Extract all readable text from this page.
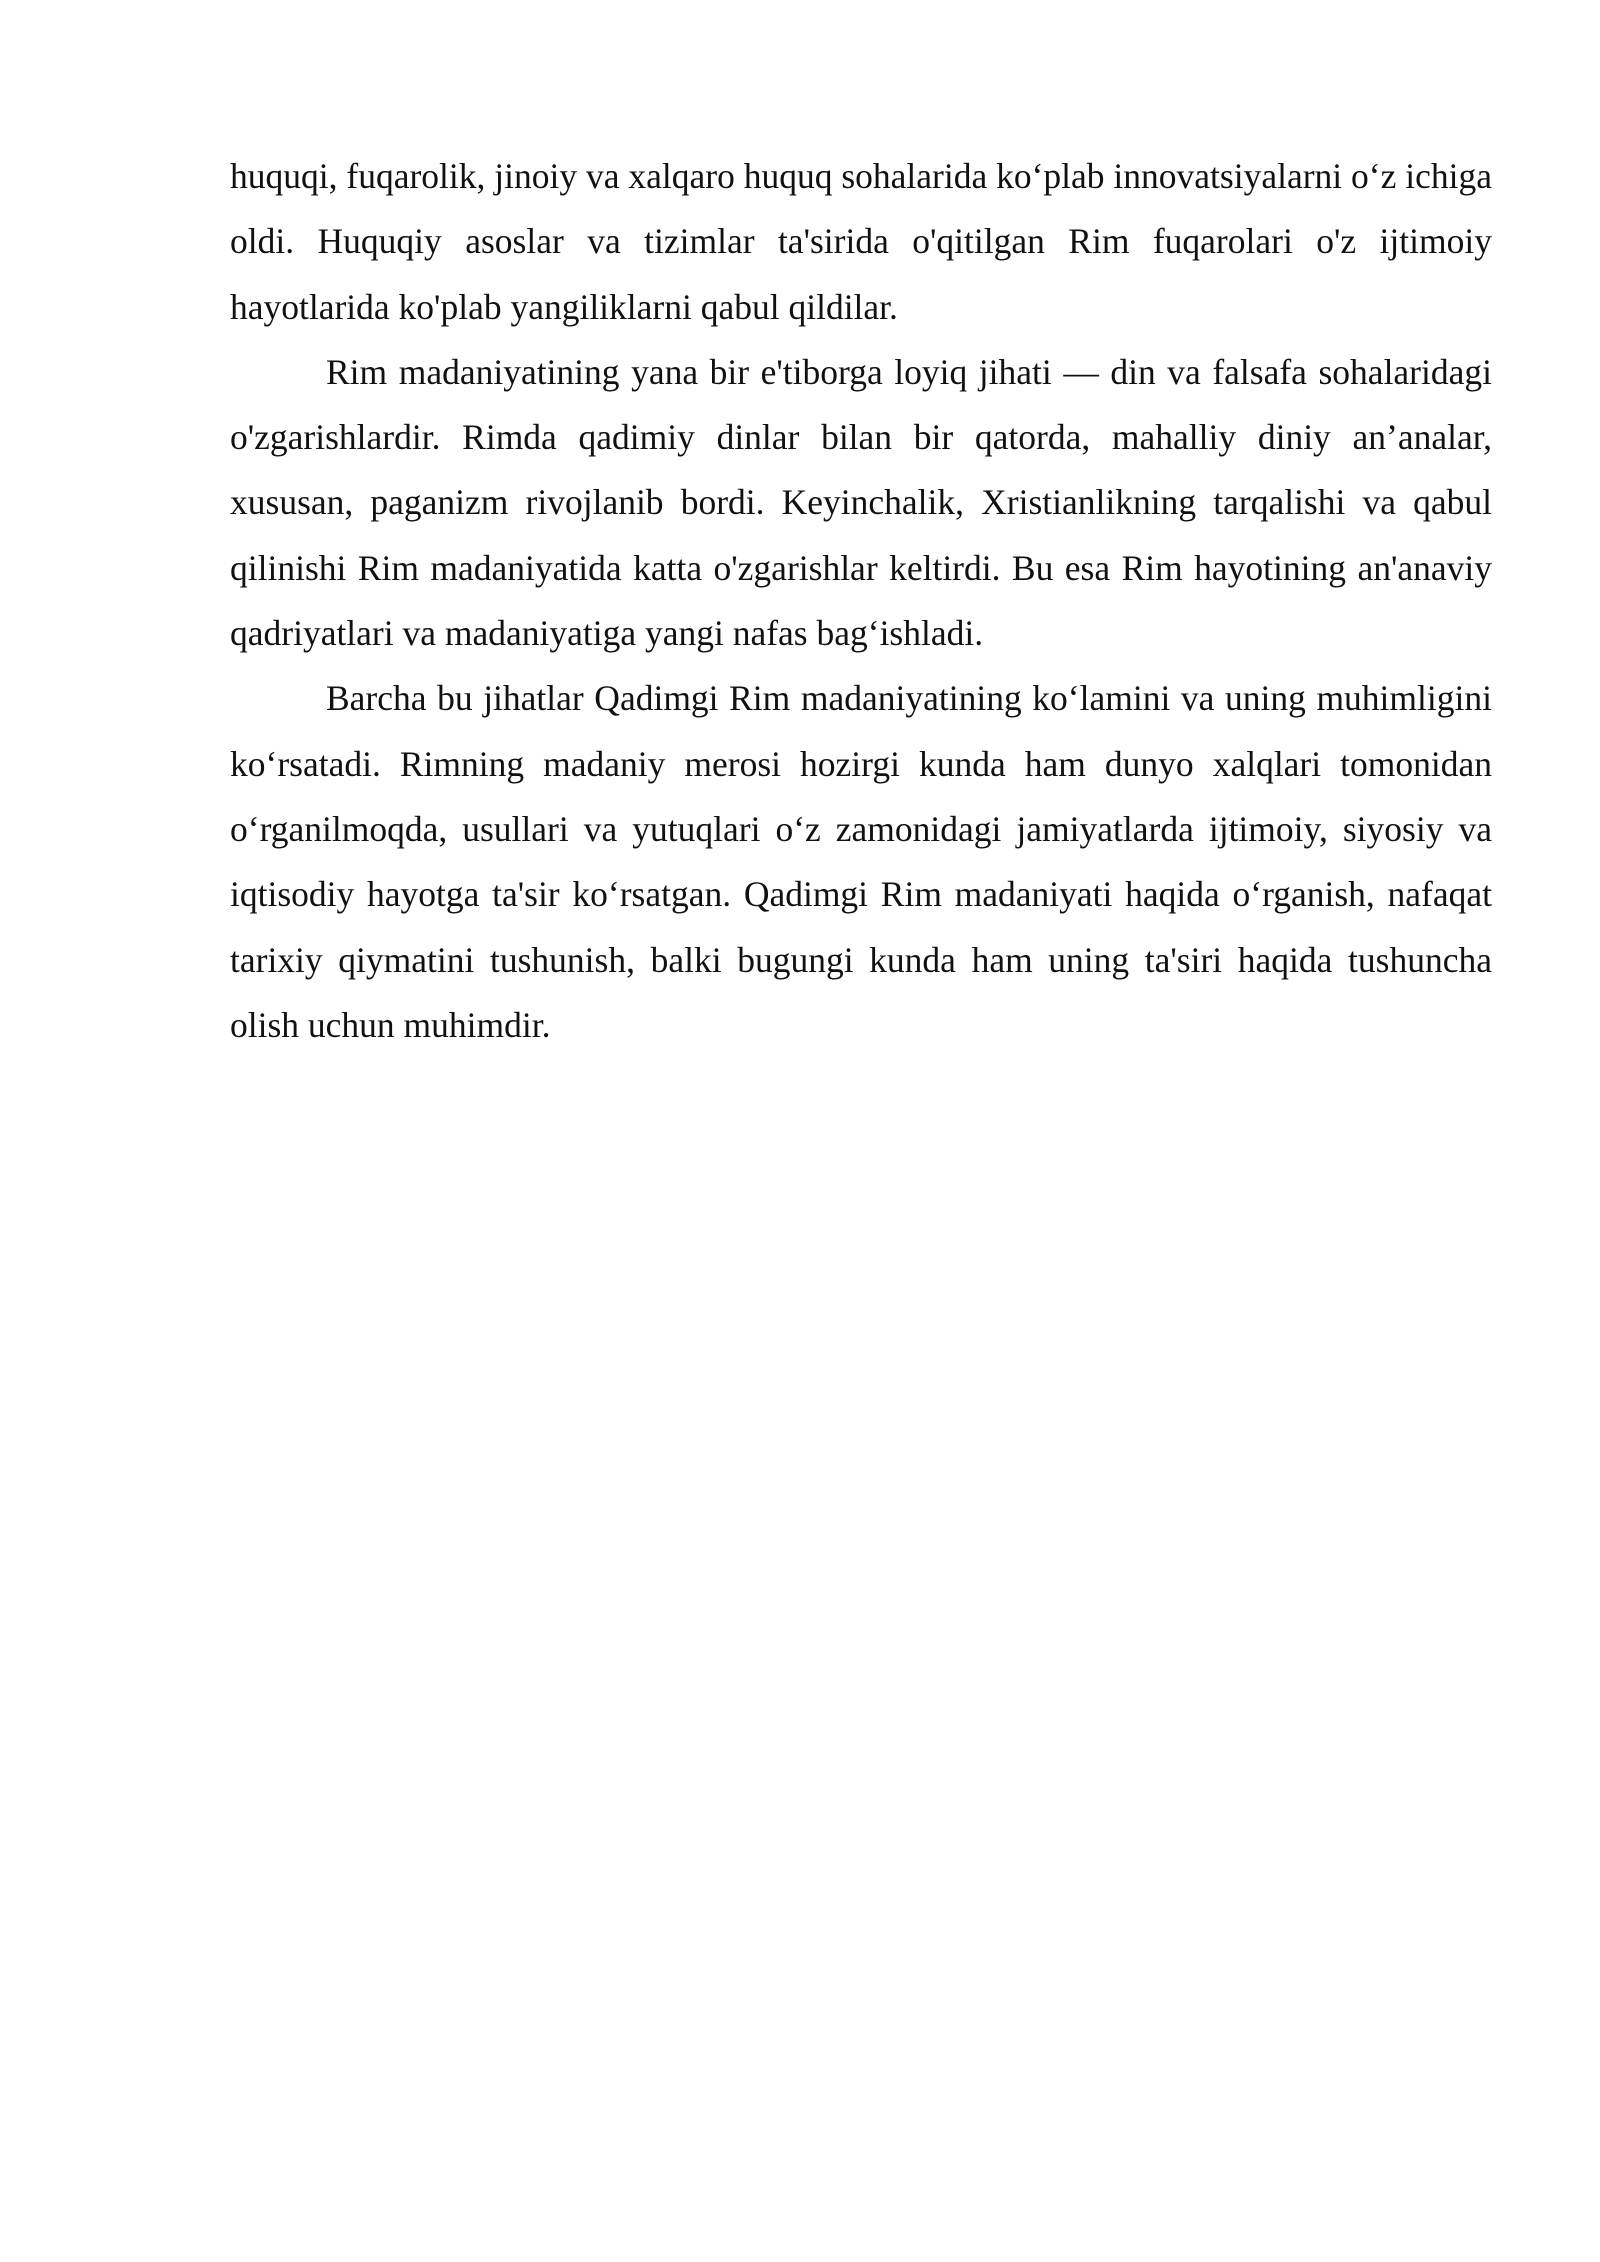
huquqi, fuqarolik, jinoiy va xalqaro huquq sohalarida ko‘plab innovatsiyalarni o‘z ichiga oldi. Huquqiy asoslar va tizimlar ta'sirida o'qitilgan Rim fuqarolari o'z ijtimoiy hayotlarida ko'plab yangiliklarni qabul qildilar.

Rim madaniyatining yana bir e'tiborga loyiq jihati — din va falsafa sohalaridagi o'zgarishlardir. Rimda qadimiy dinlar bilan bir qatorda, mahalliy diniy an’analar, xususan, paganizm rivojlanib bordi. Keyinchalik, Xristianlikning tarqalishi va qabul qilinishi Rim madaniyatida katta o'zgarishlar keltirdi. Bu esa Rim hayotining an'anaviy qadriyatlari va madaniyatiga yangi nafas bag‘ishladi.

Barcha bu jihatlar Qadimgi Rim madaniyatining ko‘lamini va uning muhimligini ko‘rsatadi. Rimning madaniy merosi hozirgi kunda ham dunyo xalqlari tomonidan o‘rganilmoqda, usullari va yutuqlari o‘z zamonidagi jamiyatlarda ijtimoiy, siyosiy va iqtisodiy hayotga ta'sir ko‘rsatgan. Qadimgi Rim madaniyati haqida o‘rganish, nafaqat tarixiy qiymatini tushunish, balki bugungi kunda ham uning ta'siri haqida tushuncha olish uchun muhimdir.
